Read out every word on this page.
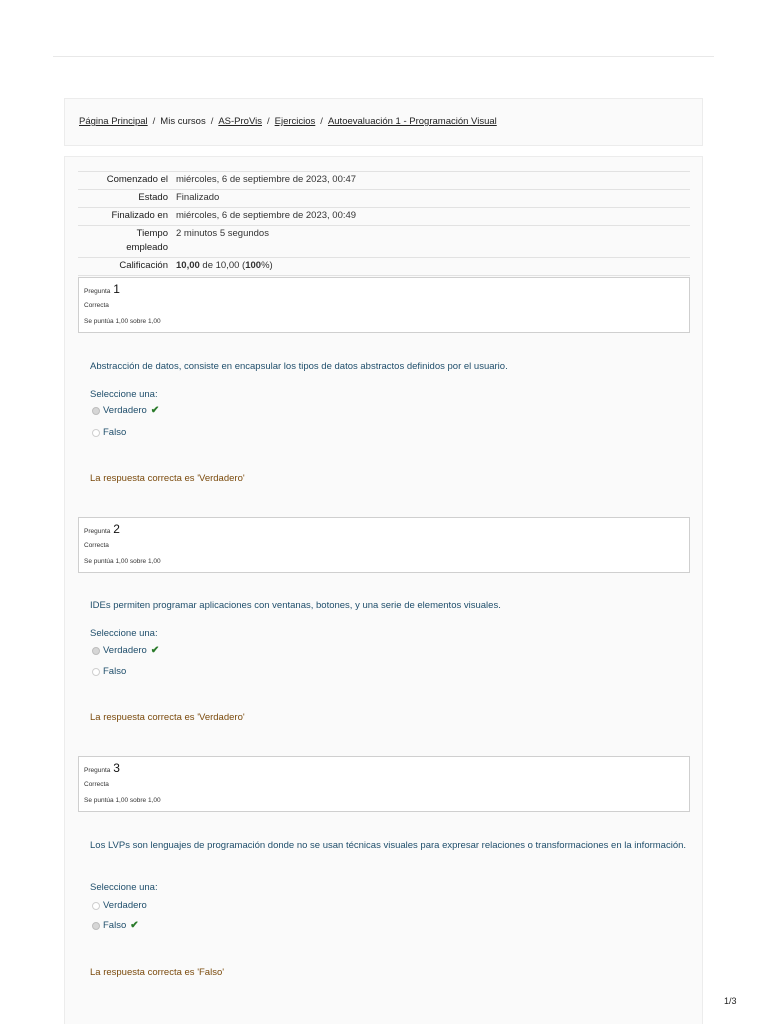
Página Principal / Mis cursos / AS-ProVis / Ejercicios / Autoevaluación 1 - Programación Visual
Comenzado el	miércoles, 6 de septiembre de 2023, 00:47
Estado	Finalizado
Finalizado en	miércoles, 6 de septiembre de 2023, 00:49
Tiempo
empleado	2 minutos 5 segundos
Calificación	10,00 de 10,00 (100%)
Pregunta 1
Correcta
Se puntúa 1,00 sobre 1,00
Abstracción de datos, consiste en encapsular los tipos de datos abstractos definidos por el usuario.
Seleccione una:
Verdadero ✔
Falso
La respuesta correcta es 'Verdadero'
Pregunta 2
Correcta
Se puntúa 1,00 sobre 1,00
IDEs permiten programar aplicaciones con ventanas, botones, y una serie de elementos visuales.
Seleccione una:
Verdadero ✔
Falso
La respuesta correcta es 'Verdadero'
Pregunta 3
Correcta
Se puntúa 1,00 sobre 1,00
Los LVPs son lenguajes de programación donde no se usan técnicas visuales para expresar relaciones o transformaciones en la información.
Seleccione una:
Verdadero
Falso ✔
La respuesta correcta es 'Falso'
1/3
